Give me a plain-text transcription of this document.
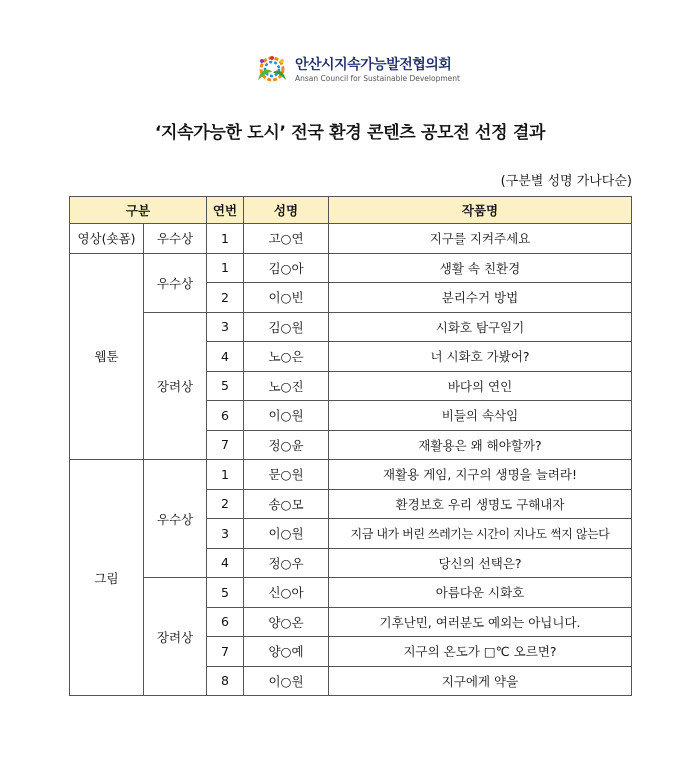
안산시지속가능발전협의회
Ansan Council for Sustainable Development
‘지속가능한 도시’ 전국 환경 콘텐츠 공모전 선정 결과
(구분별 성명 가나다순)
구분		연번	성명	작품명
영상(숏폼)	우수상	1	고○연	지구를 지켜주세요
웹툰	우수상	1	김○아	생활 속 친환경
		2	이○빈	분리수거 방법
	장려상	3	김○원	시화호 탐구일기
		4	노○은	너 시화호 가봤어?
		5	노○진	바다의 연인
		6	이○원	비들의 속삭임
		7	정○윤	재활용은 왜 해야할까?
그림	우수상	1	문○원	재활용 게임, 지구의 생명을 늘려라!
		2	송○모	환경보호 우리 생명도 구해내자
		3	이○원	지금 내가 버린 쓰레기는 시간이 지나도 썩지 않는다
		4	정○우	당신의 선택은?
	장려상	5	신○아	아름다운 시화호
		6	양○온	기후난민, 여러분도 예외는 아닙니다.
		7	양○예	지구의 온도가 □℃ 오르면?
		8	이○원	지구에게 약을
